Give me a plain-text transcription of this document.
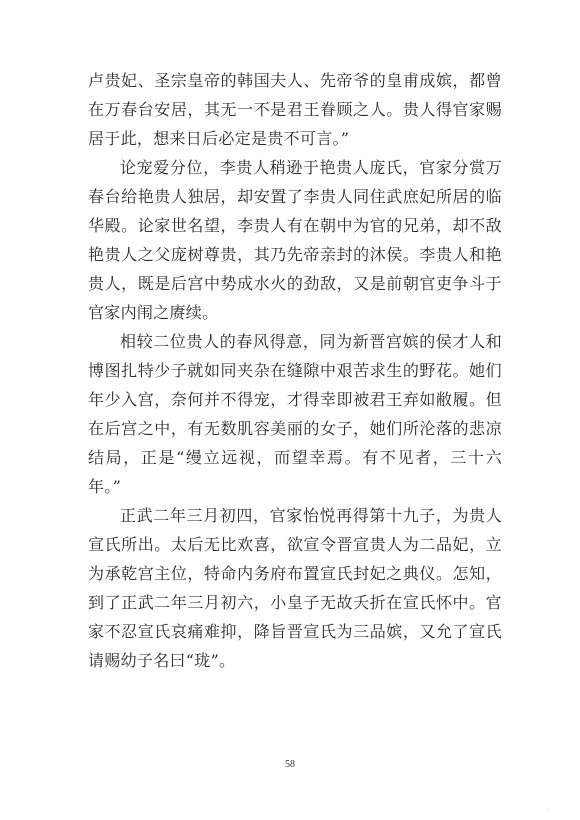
卢贵妃、圣宗皇帝的韩国夫人、先帝爷的皇甫成嫔，都曾在万春台安居，其无一不是君王眷顾之人。贵人得官家赐居于此，想来日后必定是贵不可言。”

论宠爱分位，李贵人稍逊于艳贵人庞氏，官家分赏万春台给艳贵人独居，却安置了李贵人同住武庶妃所居的临华殿。论家世名望，李贵人有在朝中为官的兄弟，却不敌艳贵人之父庞树尊贵，其乃先帝亲封的沐侯。李贵人和艳贵人，既是后宫中势成水火的劲敌，又是前朝官吏争斗于官家内闱之赓续。

相较二位贵人的春风得意，同为新晋宫嫔的侯才人和博图扎特少子就如同夹杂在缝隙中艰苦求生的野花。她们年少入宫，奈何并不得宠，才得幸即被君王弃如敝履。但在后宫之中，有无数肌容美丽的女子，她们所沦落的悲凉结局，正是“缦立远视，而望幸焉。有不见者，三十六年。”

正武二年三月初四，官家怡悦再得第十九子，为贵人宣氏所出。太后无比欢喜，欲宣令晋宣贵人为二品妃，立为承乾宫主位，特命内务府布置宣氏封妃之典仪。怎知，到了正武二年三月初六，小皇子无故夭折在宣氏怀中。官家不忍宣氏哀痛难抑，降旨晋宣氏为三品嫔，又允了宣氏请赐幼子名曰“珑”。

58
◦
